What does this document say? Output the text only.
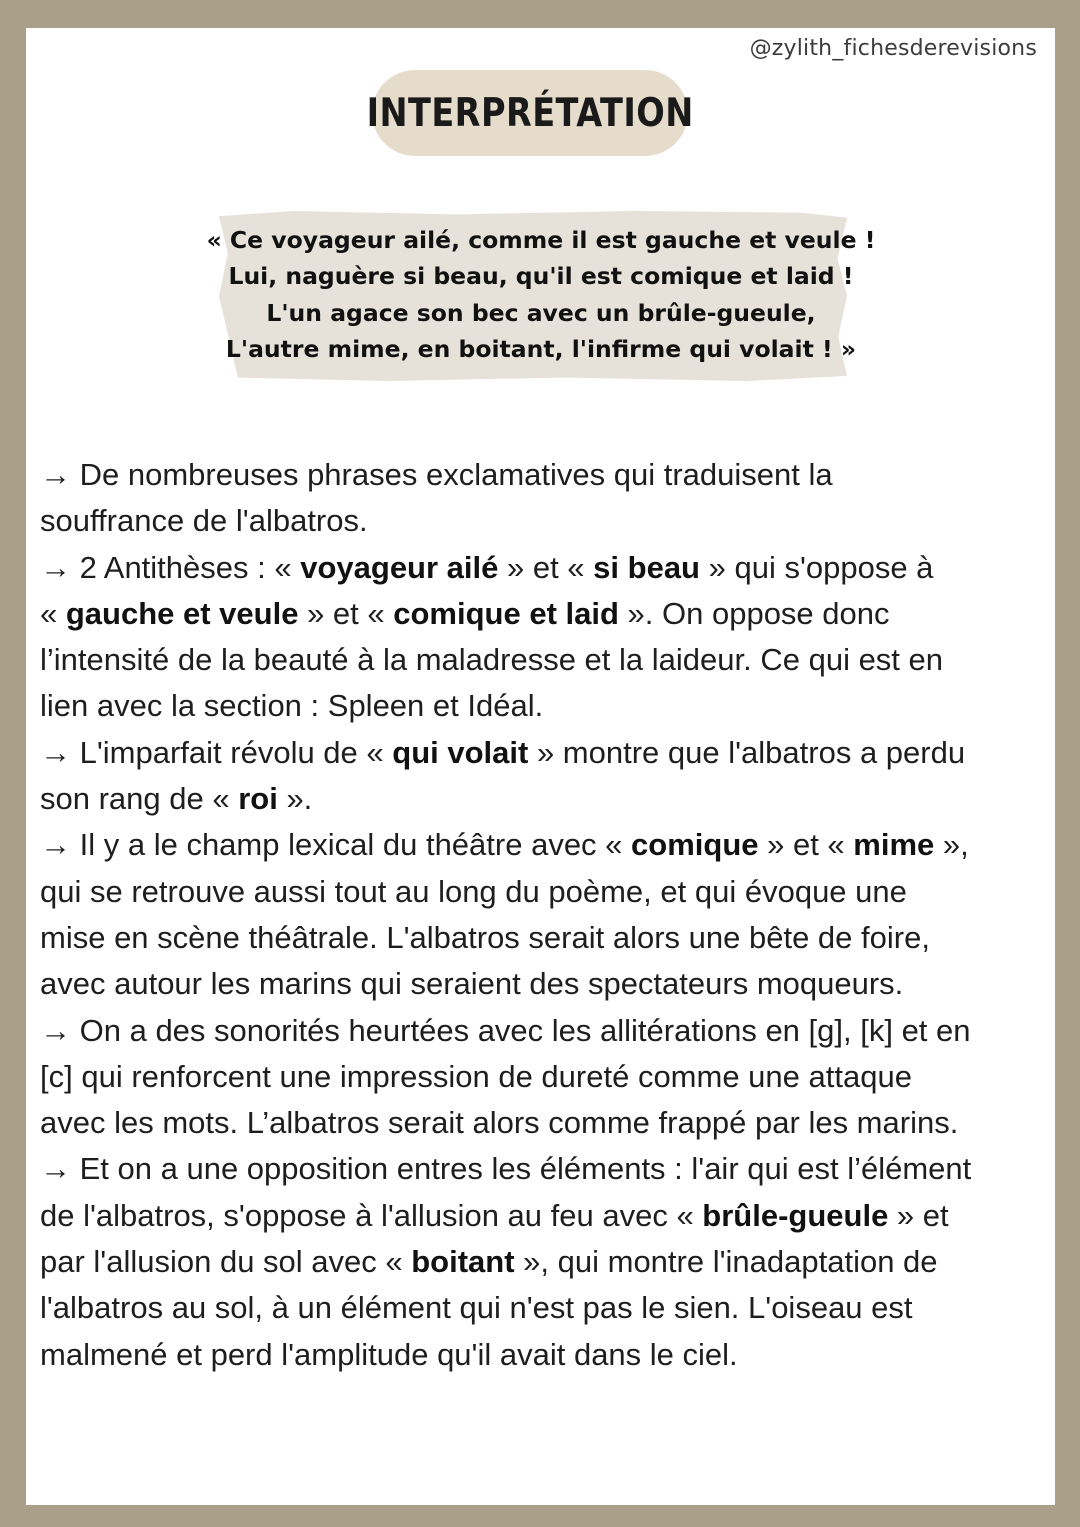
@zylith_fichesderevisions
INTERPRÉTATION
« Ce voyageur ailé, comme il est gauche et veule !
Lui, naguère si beau, qu'il est comique et laid !
L'un agace son bec avec un brûle-gueule,
L'autre mime, en boitant, l'infirme qui volait ! »
→ De nombreuses phrases exclamatives qui traduisent la
souffrance de l'albatros.
→ 2 Antithèses : « voyageur ailé » et « si beau » qui s'oppose à
« gauche et veule » et « comique et laid ». On oppose donc
l’intensité de la beauté à la maladresse et la laideur. Ce qui est en
lien avec la section : Spleen et Idéal.
→ L'imparfait révolu de « qui volait » montre que l'albatros a perdu
son rang de « roi ».
→ Il y a le champ lexical du théâtre avec « comique » et « mime »,
qui se retrouve aussi tout au long du poème, et qui évoque une
mise en scène théâtrale. L'albatros serait alors une bête de foire,
avec autour les marins qui seraient des spectateurs moqueurs.
→ On a des sonorités heurtées avec les allitérations en [g], [k] et en
[c] qui renforcent une impression de dureté comme une attaque
avec les mots. L’albatros serait alors comme frappé par les marins.
→ Et on a une opposition entres les éléments : l'air qui est l’élément
de l'albatros, s'oppose à l'allusion au feu avec « brûle-gueule » et
par l'allusion du sol avec « boitant », qui montre l'inadaptation de
l'albatros au sol, à un élément qui n'est pas le sien. L'oiseau est
malmené et perd l'amplitude qu'il avait dans le ciel.
